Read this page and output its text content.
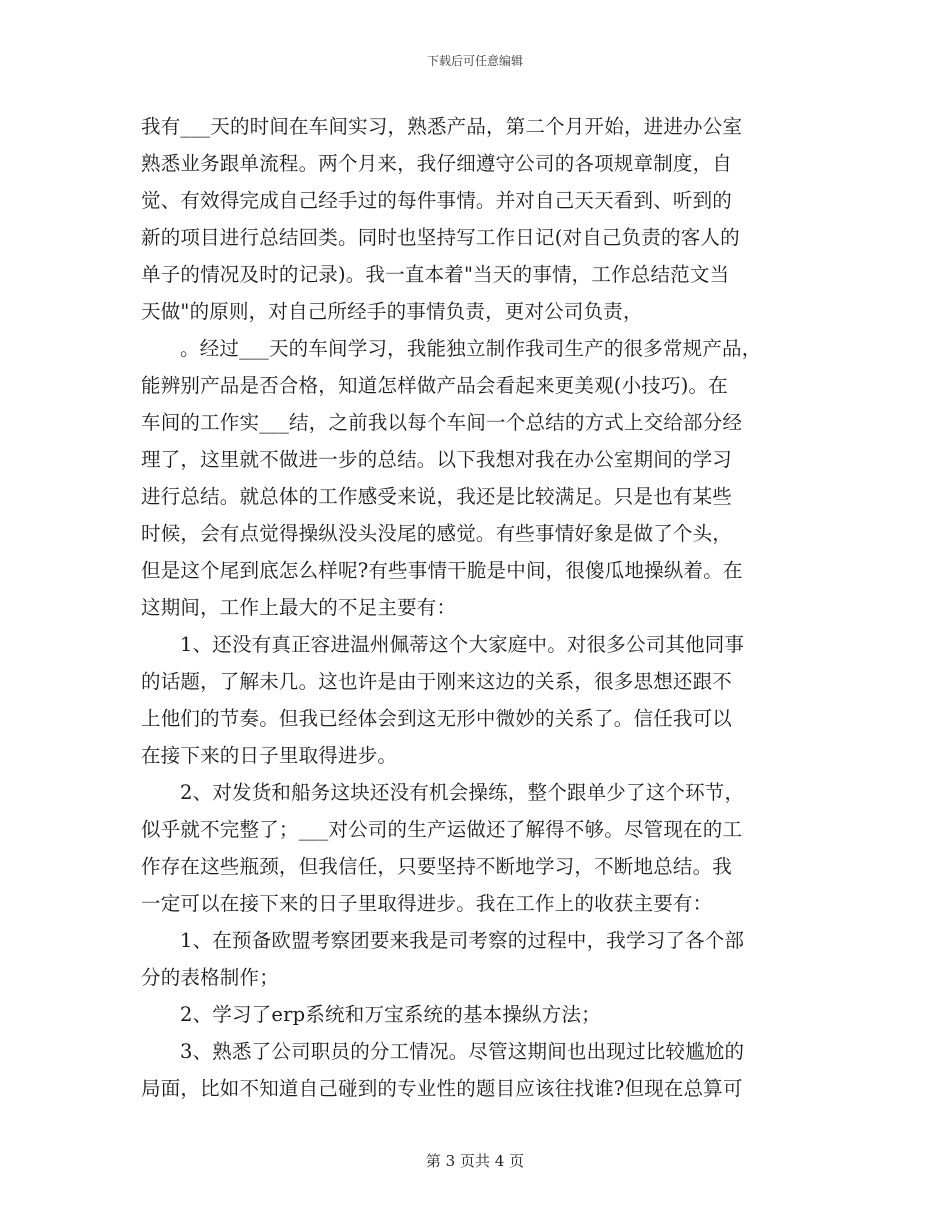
下载后可任意编辑
我有___天的时间在车间实习，熟悉产品，第二个月开始，进进办公室
熟悉业务跟单流程。两个月来，我仔细遵守公司的各项规章制度，自
觉、有效得完成自己经手过的每件事情。并对自己天天看到、听到的
新的项目进行总结回类。同时也坚持写工作日记(对自己负责的客人的
单子的情况及时的记录)。我一直本着"当天的事情，工作总结范文当
天做"的原则，对自己所经手的事情负责，更对公司负责，
。经过___天的车间学习，我能独立制作我司生产的很多常规产品，
能辨别产品是否合格，知道怎样做产品会看起来更美观(小技巧)。在
车间的工作实___结，之前我以每个车间一个总结的方式上交给部分经
理了，这里就不做进一步的总结。以下我想对我在办公室期间的学习
进行总结。就总体的工作感受来说，我还是比较满足。只是也有某些
时候，会有点觉得操纵没头没尾的感觉。有些事情好象是做了个头，
但是这个尾到底怎么样呢?有些事情干脆是中间，很傻瓜地操纵着。在
这期间，工作上最大的不足主要有：
1、还没有真正容进温州佩蒂这个大家庭中。对很多公司其他同事
的话题，了解未几。这也许是由于刚来这边的关系，很多思想还跟不
上他们的节奏。但我已经体会到这无形中微妙的关系了。信任我可以
在接下来的日子里取得进步。
2、对发货和船务这块还没有机会操练，整个跟单少了这个环节，
似乎就不完整了；___对公司的生产运做还了解得不够。尽管现在的工
作存在这些瓶颈，但我信任，只要坚持不断地学习，不断地总结。我
一定可以在接下来的日子里取得进步。我在工作上的收获主要有：
1、在预备欧盟考察团要来我是司考察的过程中，我学习了各个部
分的表格制作；
2、学习了erp系统和万宝系统的基本操纵方法；
3、熟悉了公司职员的分工情况。尽管这期间也出现过比较尴尬的
局面，比如不知道自己碰到的专业性的题目应该往找谁?但现在总算可
第 3 页共 4 页
